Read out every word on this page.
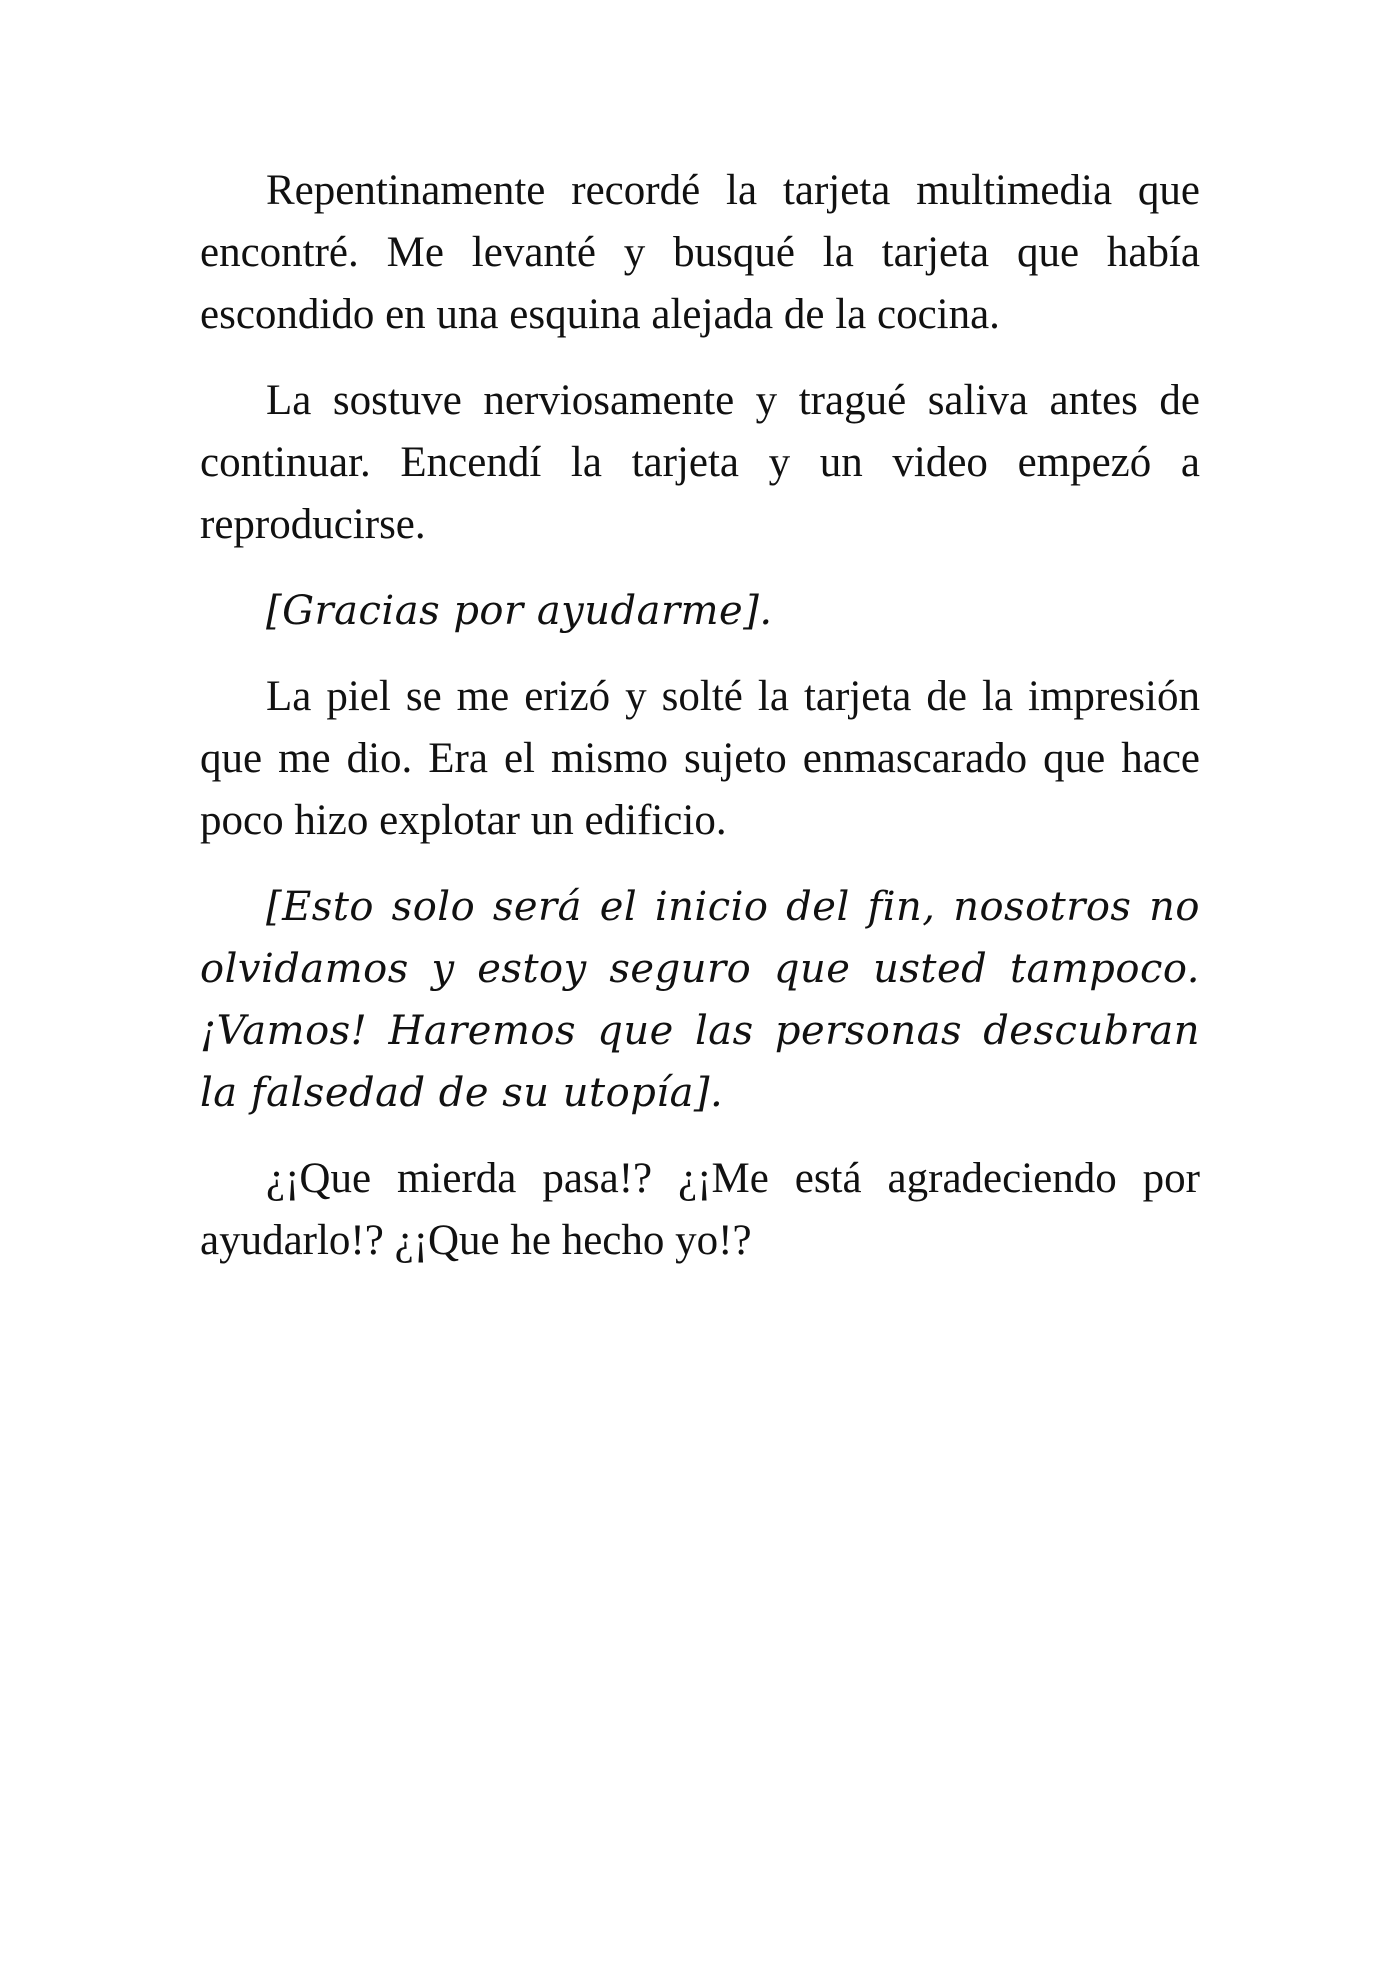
Repentinamente recordé la tarjeta multimedia que encontré. Me levanté y busqué la tarjeta que había escondido en una esquina alejada de la cocina.

La sostuve nerviosamente y tragué saliva antes de continuar. Encendí la tarjeta y un video empezó a reproducirse.

[Gracias por ayudarme].

La piel se me erizó y solté la tarjeta de la impresión que me dio. Era el mismo sujeto enmascarado que hace poco hizo explotar un edificio.

[Esto solo será el inicio del fin, nosotros no olvidamos y estoy seguro que usted tampoco. ¡Vamos! Haremos que las personas descubran la falsedad de su utopía].

¿¡Que mierda pasa!? ¿¡Me está agradeciendo por ayudarlo!? ¿¡Que he hecho yo!?
